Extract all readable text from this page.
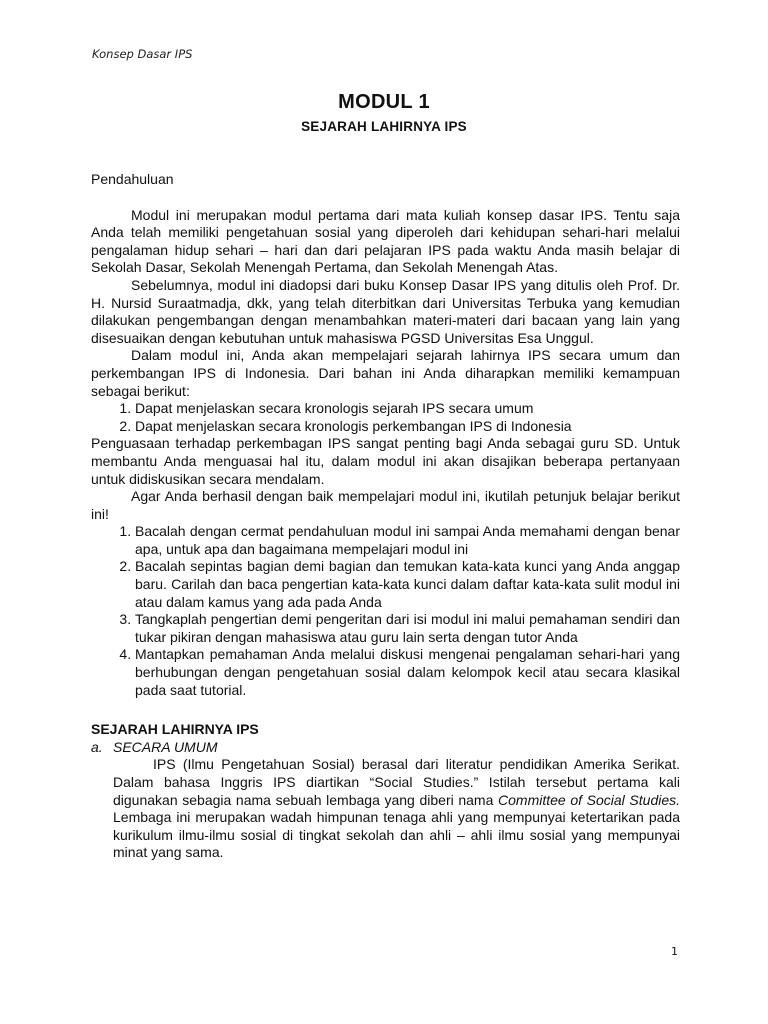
Konsep Dasar IPS
MODUL 1
SEJARAH LAHIRNYA IPS

Pendahuluan

Modul ini merupakan modul pertama dari mata kuliah konsep dasar IPS. Tentu saja Anda telah memiliki pengetahuan sosial yang diperoleh dari kehidupan sehari-hari melalui pengalaman hidup sehari – hari dan dari pelajaran IPS pada waktu Anda masih belajar di Sekolah Dasar, Sekolah Menengah Pertama, dan Sekolah Menengah Atas.

Sebelumnya, modul ini diadopsi dari buku Konsep Dasar IPS yang ditulis oleh Prof. Dr. H. Nursid Suraatmadja, dkk, yang telah diterbitkan dari Universitas Terbuka yang kemudian dilakukan pengembangan dengan menambahkan materi-materi dari bacaan yang lain yang disesuaikan dengan kebutuhan untuk mahasiswa PGSD Universitas Esa Unggul.

Dalam modul ini, Anda akan mempelajari sejarah lahirnya IPS secara umum dan perkembangan IPS di Indonesia. Dari bahan ini Anda diharapkan memiliki kemampuan sebagai berikut:

1. Dapat menjelaskan secara kronologis sejarah IPS secara umum
2. Dapat menjelaskan secara kronologis perkembangan IPS di Indonesia

Penguasaan terhadap perkembagan IPS sangat penting bagi Anda sebagai guru SD. Untuk membantu Anda menguasai hal itu, dalam modul ini akan disajikan beberapa pertanyaan untuk didiskusikan secara mendalam.

Agar Anda berhasil dengan baik mempelajari modul ini, ikutilah petunjuk belajar berikut ini!

1. Bacalah dengan cermat pendahuluan modul ini sampai Anda memahami dengan benar apa, untuk apa dan bagaimana mempelajari modul ini
2. Bacalah sepintas bagian demi bagian dan temukan kata-kata kunci yang Anda anggap baru. Carilah dan baca pengertian kata-kata kunci dalam daftar kata-kata sulit modul ini atau dalam kamus yang ada pada Anda
3. Tangkaplah pengertian demi pengeritan dari isi modul ini malui pemahaman sendiri dan tukar pikiran dengan mahasiswa atau guru lain serta dengan tutor Anda
4. Mantapkan pemahaman Anda melalui diskusi mengenai pengalaman sehari-hari yang berhubungan dengan pengetahuan sosial dalam kelompok kecil atau secara klasikal pada saat tutorial.

SEJARAH LAHIRNYA IPS

a. SECARA UMUM

IPS (Ilmu Pengetahuan Sosial) berasal dari literatur pendidikan Amerika Serikat. Dalam bahasa Inggris IPS diartikan “Social Studies.” Istilah tersebut pertama kali digunakan sebagia nama sebuah lembaga yang diberi nama Committee of Social Studies. Lembaga ini merupakan wadah himpunan tenaga ahli yang mempunyai ketertarikan pada kurikulum ilmu-ilmu sosial di tingkat sekolah dan ahli – ahli ilmu sosial yang mempunyai minat yang sama.

1
